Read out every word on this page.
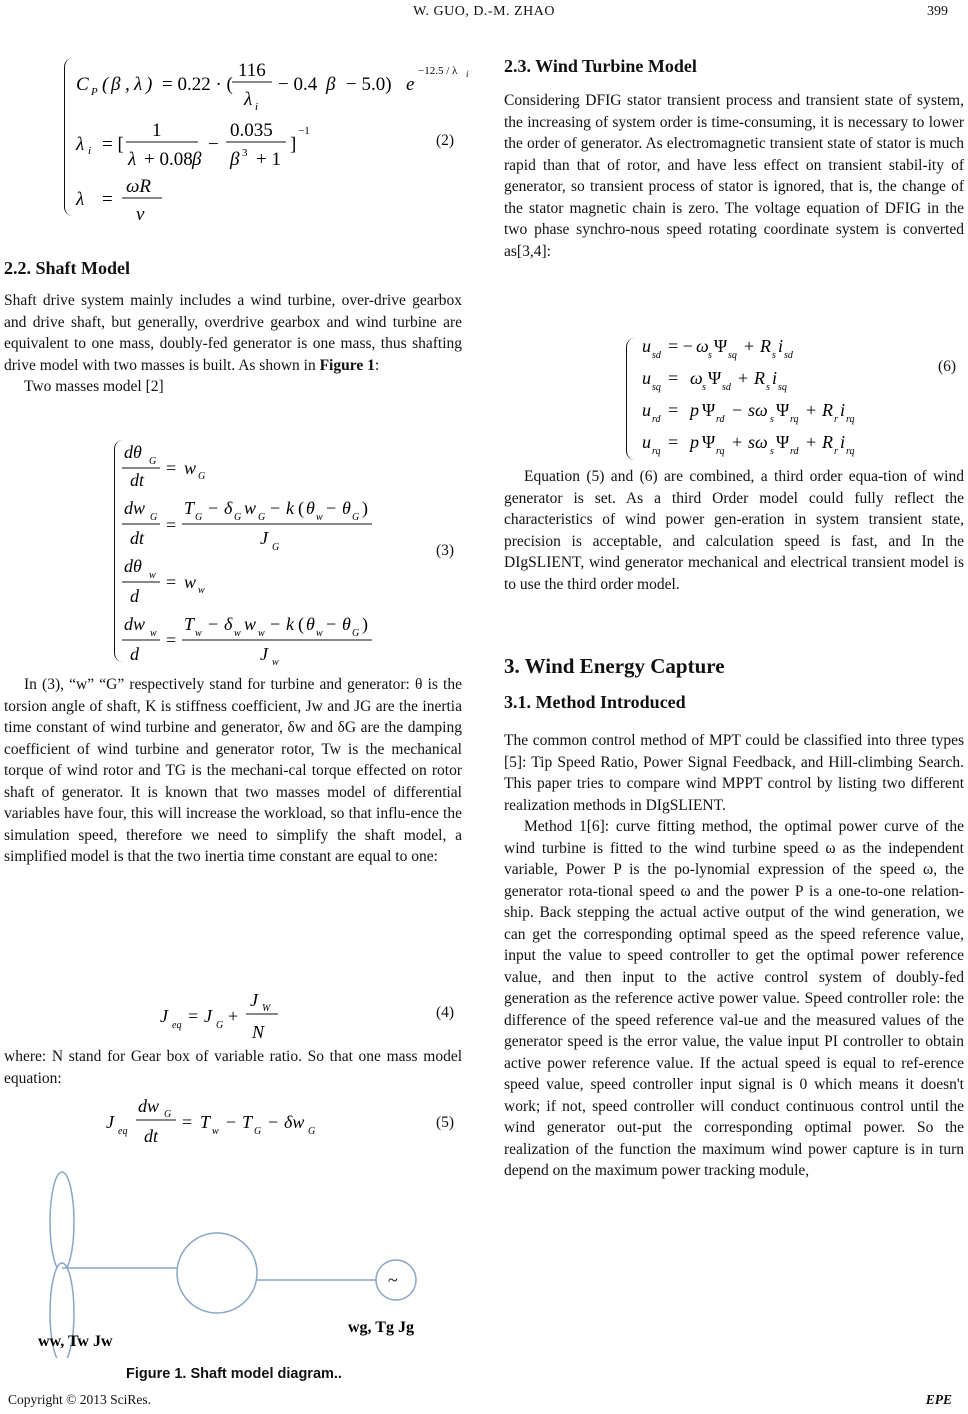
W. GUO, D.-M. ZHAO	399
C P ( β , λ ) = 0.22 · (
116
λ i
− 0.4 β − 5.0) e
−12.5 / λ i
λ i = [
1
λ + 0.08 β
−
0.035
β 3 + 1
]
−1
λ =
ωR
v
(2)
2.2. Shaft Model

Shaft drive system mainly includes a wind turbine, over-drive gearbox and drive shaft, but generally, overdrive gearbox and wind turbine are equivalent to one mass, doubly-fed generator is one mass, thus shafting drive model with two masses is built. As shown in Figure 1:

Two masses model [2]

dθ G
dt
= w G
dw G
dt
=
T G − δ G w G − k ( θ w − θ G )
J G
dθ w
d
= w w
dw w
d
=
T w − δ w w w − k ( θ w − θ G )
J w
(3)

In (3), “w” “G” respectively stand for turbine and generator: θ is the torsion angle of shaft, K is stiffness coefficient, Jw and JG are the inertia time constant of wind turbine and generator, δw and δG are the damping coefficient of wind turbine and generator rotor, Tw is the mechanical torque of wind rotor and TG is the mechani-cal torque effected on rotor shaft of generator. It is known that two masses model of differential variables have four, this will increase the workload, so that influ-ence the simulation speed, therefore we need to simplify the shaft model, a simplified model is that the two inertia time constant are equal to one:

J eq = J G +
J W
N
(4)

where: N stand for Gear box of variable ratio. So that one mass model equation:

J eq
dw G
dt
= T w − T G − δw G
(5)
~
ww, Tw Jw
wg, Tg Jg
Figure 1. Shaft model diagram..
2.3. Wind Turbine Model

Considering DFIG stator transient process and transient state of system, the increasing of system order is time-consuming, it is necessary to lower the order of generator. As electromagnetic transient state of stator is much rapid than that of rotor, and have less effect on transient stabil-ity of generator, so transient process of stator is ignored, that is, the change of the stator magnetic chain is zero. The voltage equation of DFIG in the two phase synchro-nous speed rotating coordinate system is converted as[3,4]:

u sd = − ω s Ψ sq + R s i sd
u sq = ω s Ψ sd + R s i sq
u rd = p Ψ rd − sω s Ψ rq + R r i rq
u rq = p Ψ rq + sω s Ψ rd + R r i rq
(6)

Equation (5) and (6) are combined, a third order equa-tion of wind generator is set. As a third Order model could fully reflect the characteristics of wind power gen-eration in system transient state, precision is acceptable, and calculation speed is fast, and In the DIgSLIENT, wind generator mechanical and electrical transient model is to use the third order model.

3. Wind Energy Capture
3.1. Method Introduced

The common control method of MPT could be classified into three types [5]: Tip Speed Ratio, Power Signal Feedback, and Hill-climbing Search. This paper tries to compare wind MPPT control by listing two different realization methods in DIgSLIENT.

Method 1[6]: curve fitting method, the optimal power curve of the wind turbine is fitted to the wind turbine speed ω as the independent variable, Power P is the po-lynomial expression of the speed ω, the generator rota-tional speed ω and the power P is a one-to-one relation-ship. Back stepping the actual active output of the wind generation, we can get the corresponding optimal speed as the speed reference value, input the value to speed controller to get the optimal power reference value, and then input to the active control system of doubly-fed generation as the reference active power value. Speed controller role: the difference of the speed reference val-ue and the measured values of the generator speed is the error value, the value input PI controller to obtain active power reference value. If the actual speed is equal to ref-erence speed value, speed controller input signal is 0 which means it doesn't work; if not, speed controller will conduct continuous control until the wind generator out-put the corresponding optimal power. So the realization of the function the maximum wind power capture is in turn depend on the maximum power tracking module,

Copyright © 2013 SciRes.	EPE
